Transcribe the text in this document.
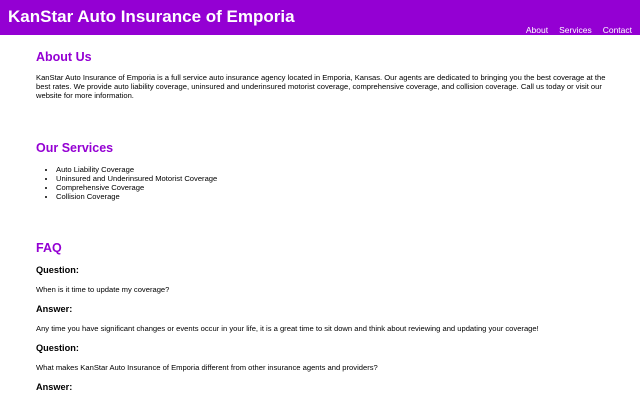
KanStar Auto Insurance of Emporia
About Services Contact
About Us

KanStar Auto Insurance of Emporia is a full service auto insurance agency located in Emporia, Kansas. Our agents are dedicated to bringing you the best coverage at the best rates. We provide auto liability coverage, uninsured and underinsured motorist coverage, comprehensive coverage, and collision coverage. Call us today or visit our website for more information.

Our Services
• Auto Liability Coverage
• Uninsured and Underinsured Motorist Coverage
• Comprehensive Coverage
• Collision Coverage
FAQ
Question:
When is it time to update my coverage?
Answer:
Any time you have significant changes or events occur in your life, it is a great time to sit down and think about reviewing and updating your coverage!
Question:
What makes KanStar Auto Insurance of Emporia different from other insurance agents and providers?
Answer:
